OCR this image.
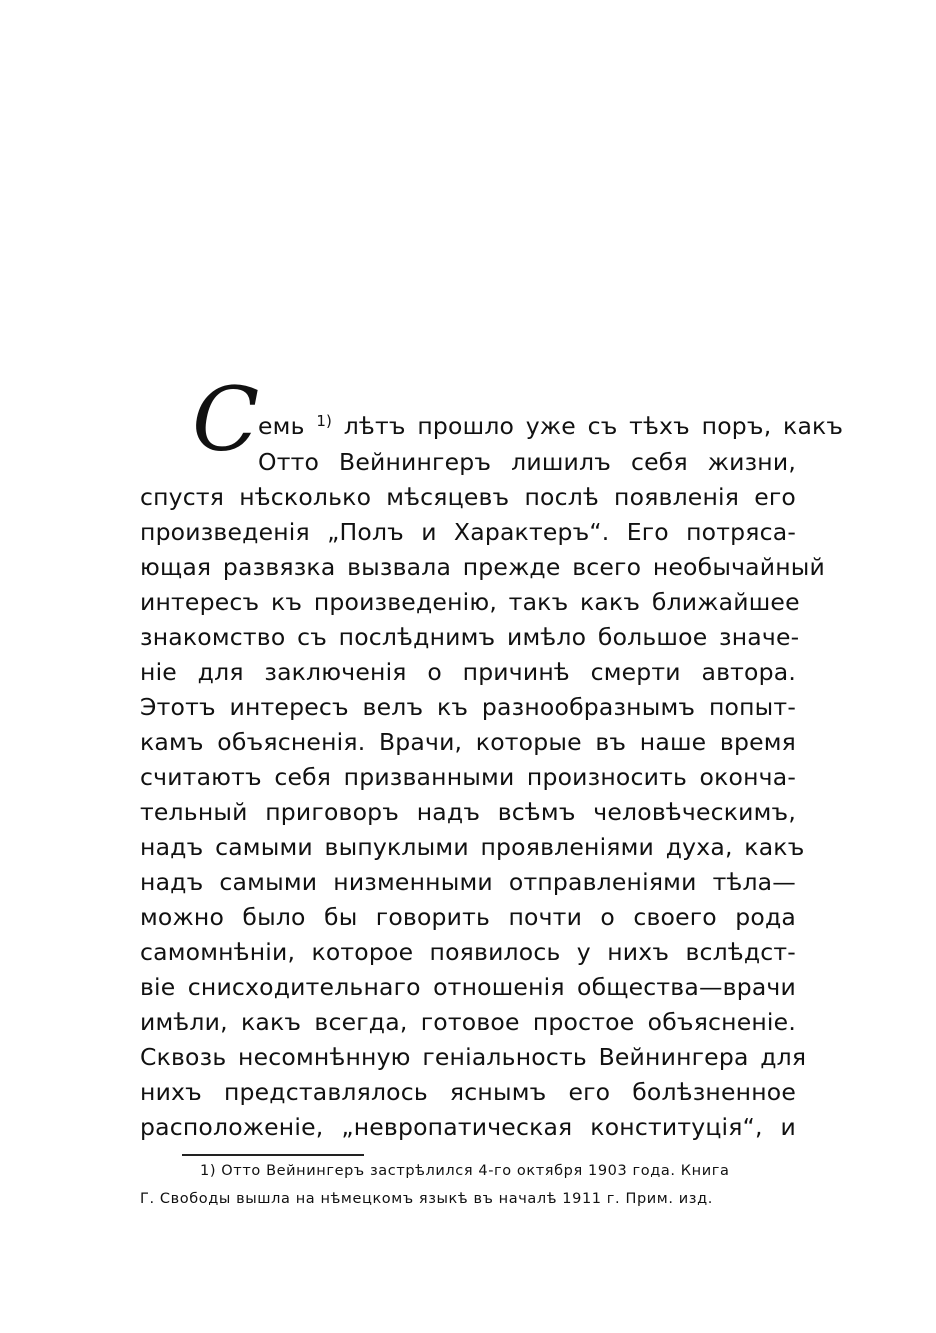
С
емь $^{1)}$ лѣтъ прошло уже съ тѣхъ поръ, какъ
Отто Вейнингеръ лишилъ себя жизни,
спустя нѣсколько мѣсяцевъ послѣ появленія его
произведенія „Полъ и Характеръ“. Его потряса-
ющая развязка вызвала прежде всего необычайный
интересъ къ произведенію, такъ какъ ближайшее
знакомство съ послѣднимъ имѣло большое значе-
ніе для заключенія о причинѣ смерти автора.
Этотъ интересъ велъ къ разнообразнымъ попыт-
камъ объясненія. Врачи, которые въ наше время
считаютъ себя призванными произносить оконча-
тельный приговоръ надъ всѣмъ человѣческимъ,
надъ самыми выпуклыми проявленіями духа, какъ
надъ самыми низменными отправленіями тѣла—
можно было бы говорить почти о своего рода
самомнѣніи, которое появилось у нихъ вслѣдст-
віе снисходительнаго отношенія общества—врачи
имѣли, какъ всегда, готовое простое объясненіе.
Сквозь несомнѣнную геніальность Вейнингера для
нихъ представлялось яснымъ его болѣзненное
расположеніе, „невропатическая конституція“, и
1) Отто Вейнингеръ застрѣлился 4-го октября 1903 года. Книга
Г. Свободы вышла на нѣмецкомъ языкѣ въ началѣ 1911 г. Прим. изд.
